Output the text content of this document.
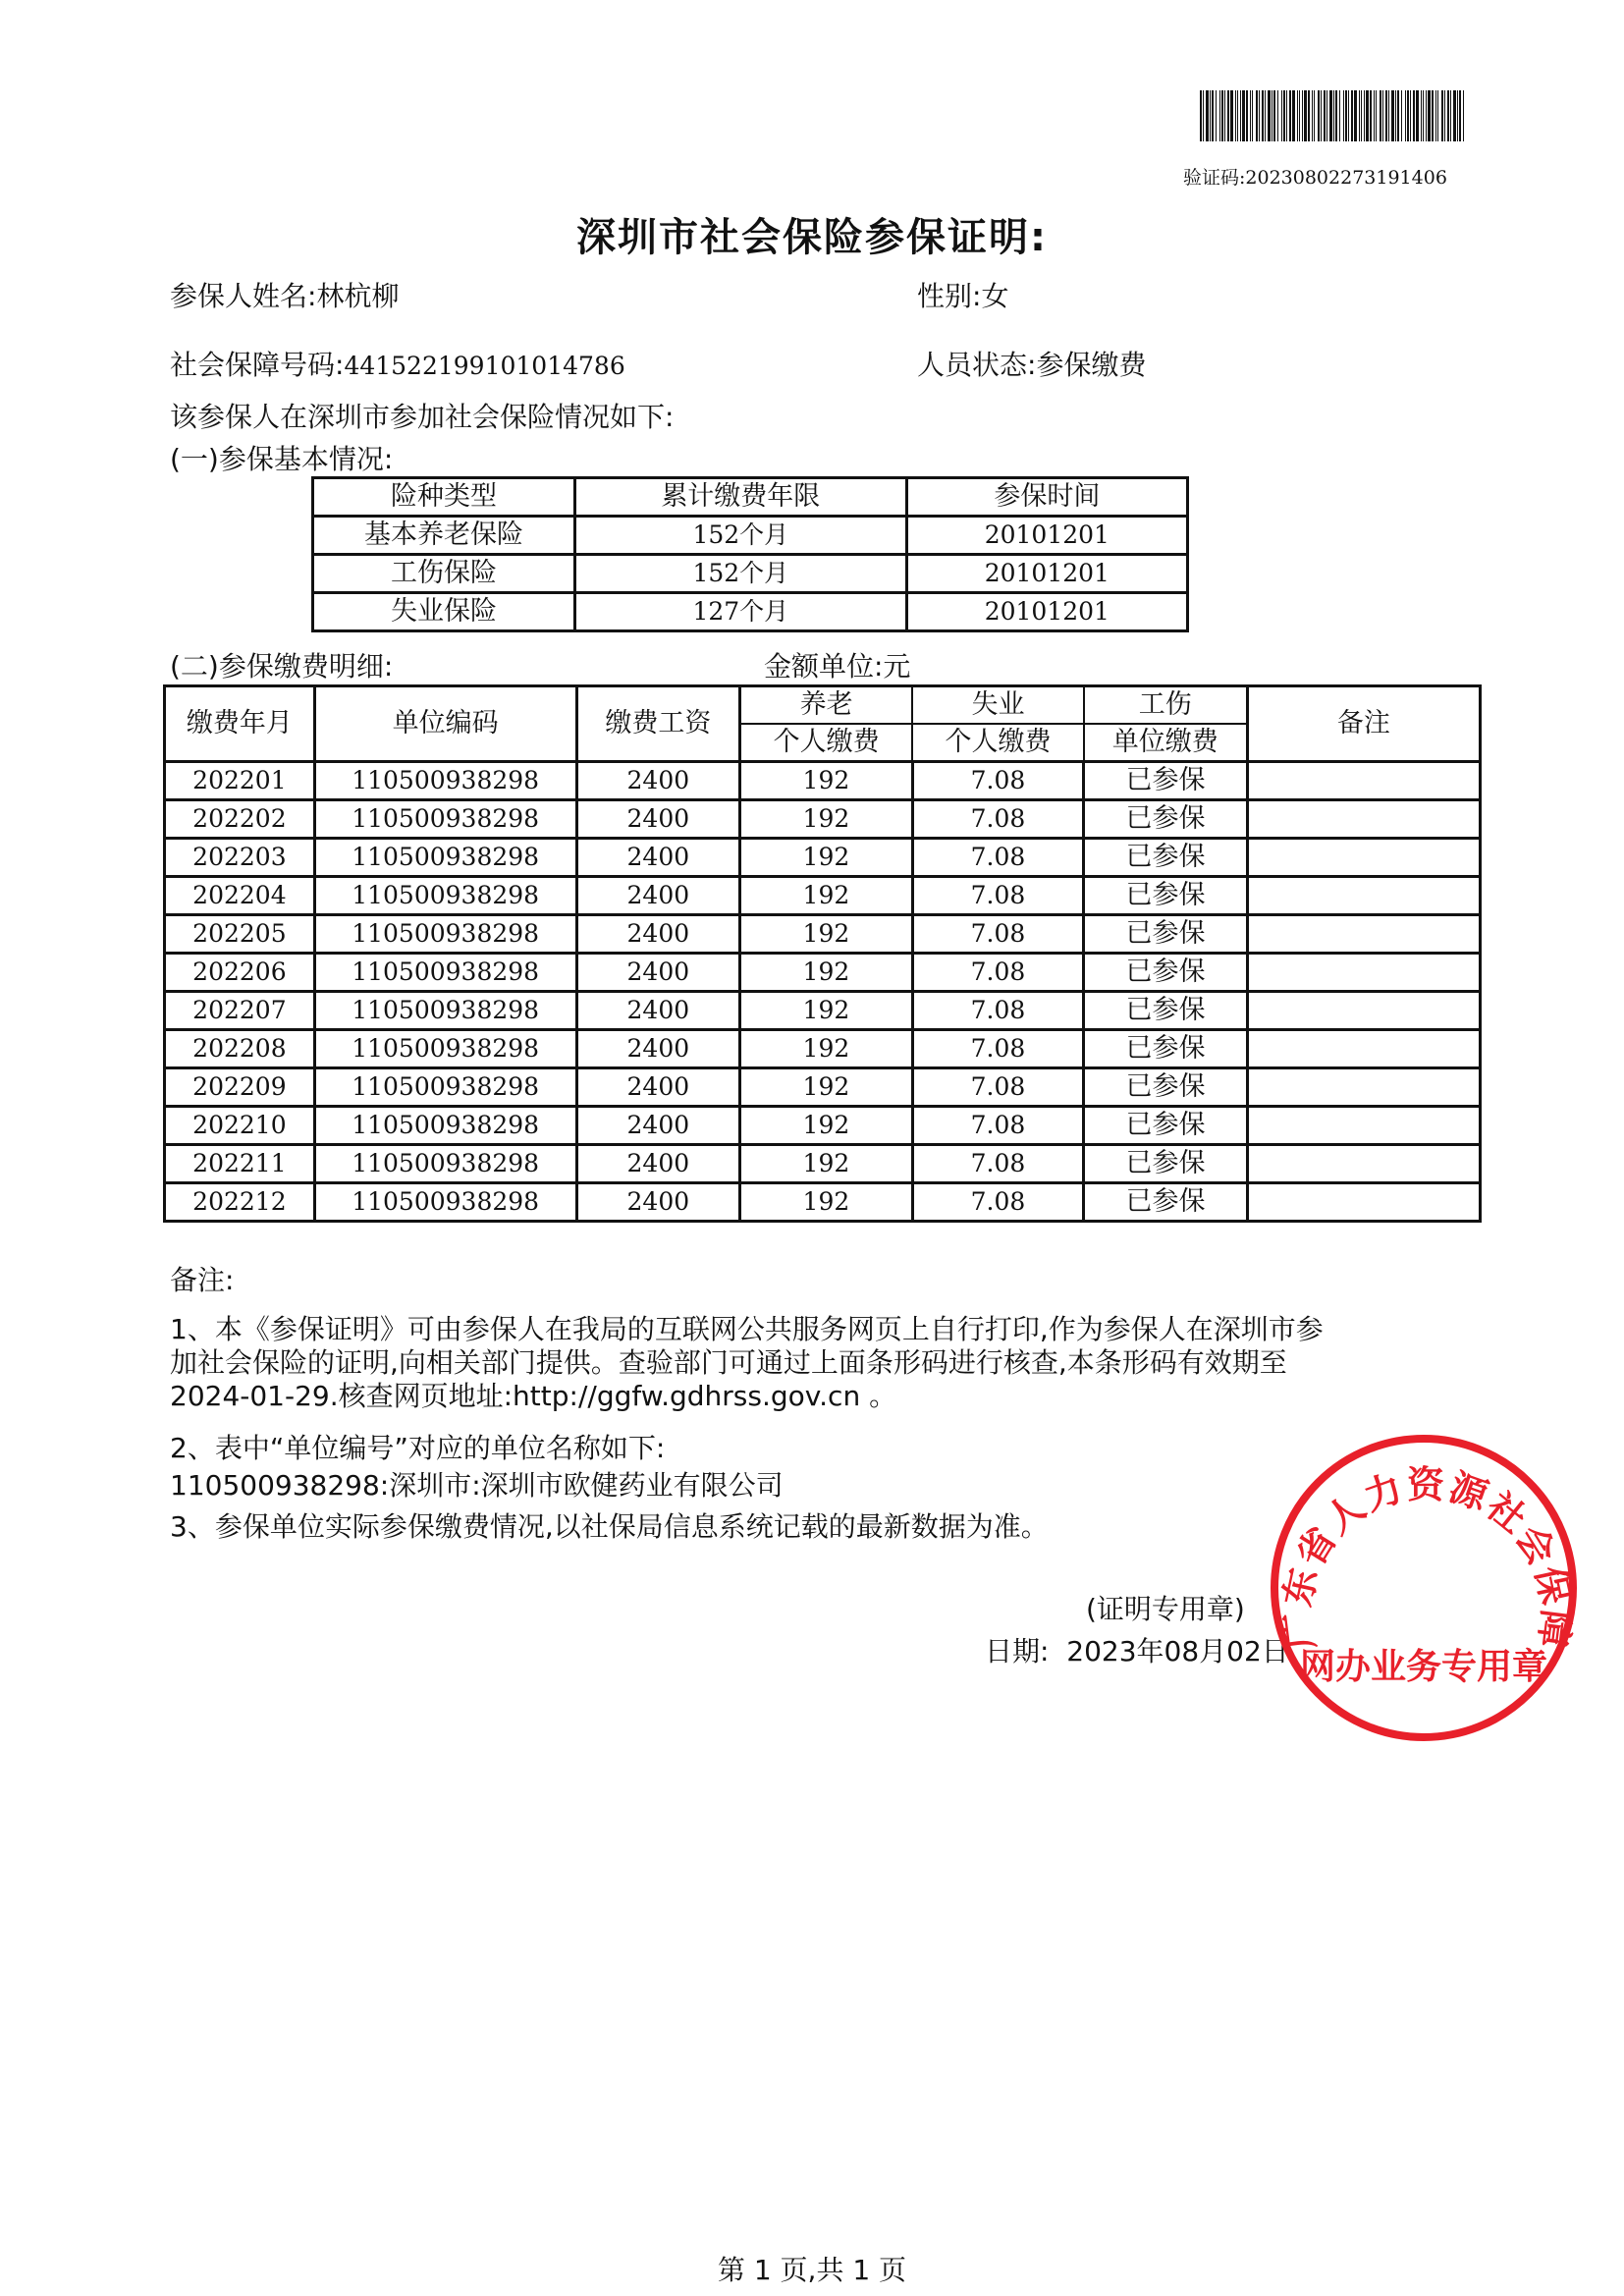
验证码:20230802273191406
深圳市社会保险参保证明:
参保人姓名:林杭柳	性别:女
社会保障号码:441522199101014786	人员状态:参保缴费
该参保人在深圳市参加社会保险情况如下:
(一)参保基本情况:
险种类型	累计缴费年限	参保时间
基本养老保险	152个月	20101201
工伤保险	152个月	20101201
失业保险	127个月	20101201
(二)参保缴费明细:	金额单位:元
缴费年月	单位编码	缴费工资	养老	失业	工伤	备注
			个人缴费	个人缴费	单位缴费	
202201	110500938298	2400	192	7.08	已参保	
202202	110500938298	2400	192	7.08	已参保	
202203	110500938298	2400	192	7.08	已参保	
202204	110500938298	2400	192	7.08	已参保	
202205	110500938298	2400	192	7.08	已参保	
202206	110500938298	2400	192	7.08	已参保	
202207	110500938298	2400	192	7.08	已参保	
202208	110500938298	2400	192	7.08	已参保	
202209	110500938298	2400	192	7.08	已参保	
202210	110500938298	2400	192	7.08	已参保	
202211	110500938298	2400	192	7.08	已参保	
202212	110500938298	2400	192	7.08	已参保	
备注:
1、本《参保证明》可由参保人在我局的互联网公共服务网页上自行打印,作为参保人在深圳市参
加社会保险的证明,向相关部门提供。查验部门可通过上面条形码进行核查,本条形码有效期至
2024-01-29.核查网页地址:http://ggfw.gdhrss.gov.cn 。
2、表中“单位编号”对应的单位名称如下:
110500938298:深圳市:深圳市欧健药业有限公司
3、参保单位实际参保缴费情况,以社保局信息系统记载的最新数据为准。
(证明专用章)
日期: 2023年08月02日
广东省人力资源社会保障
网办业务专用章
第 1 页,共 1 页
